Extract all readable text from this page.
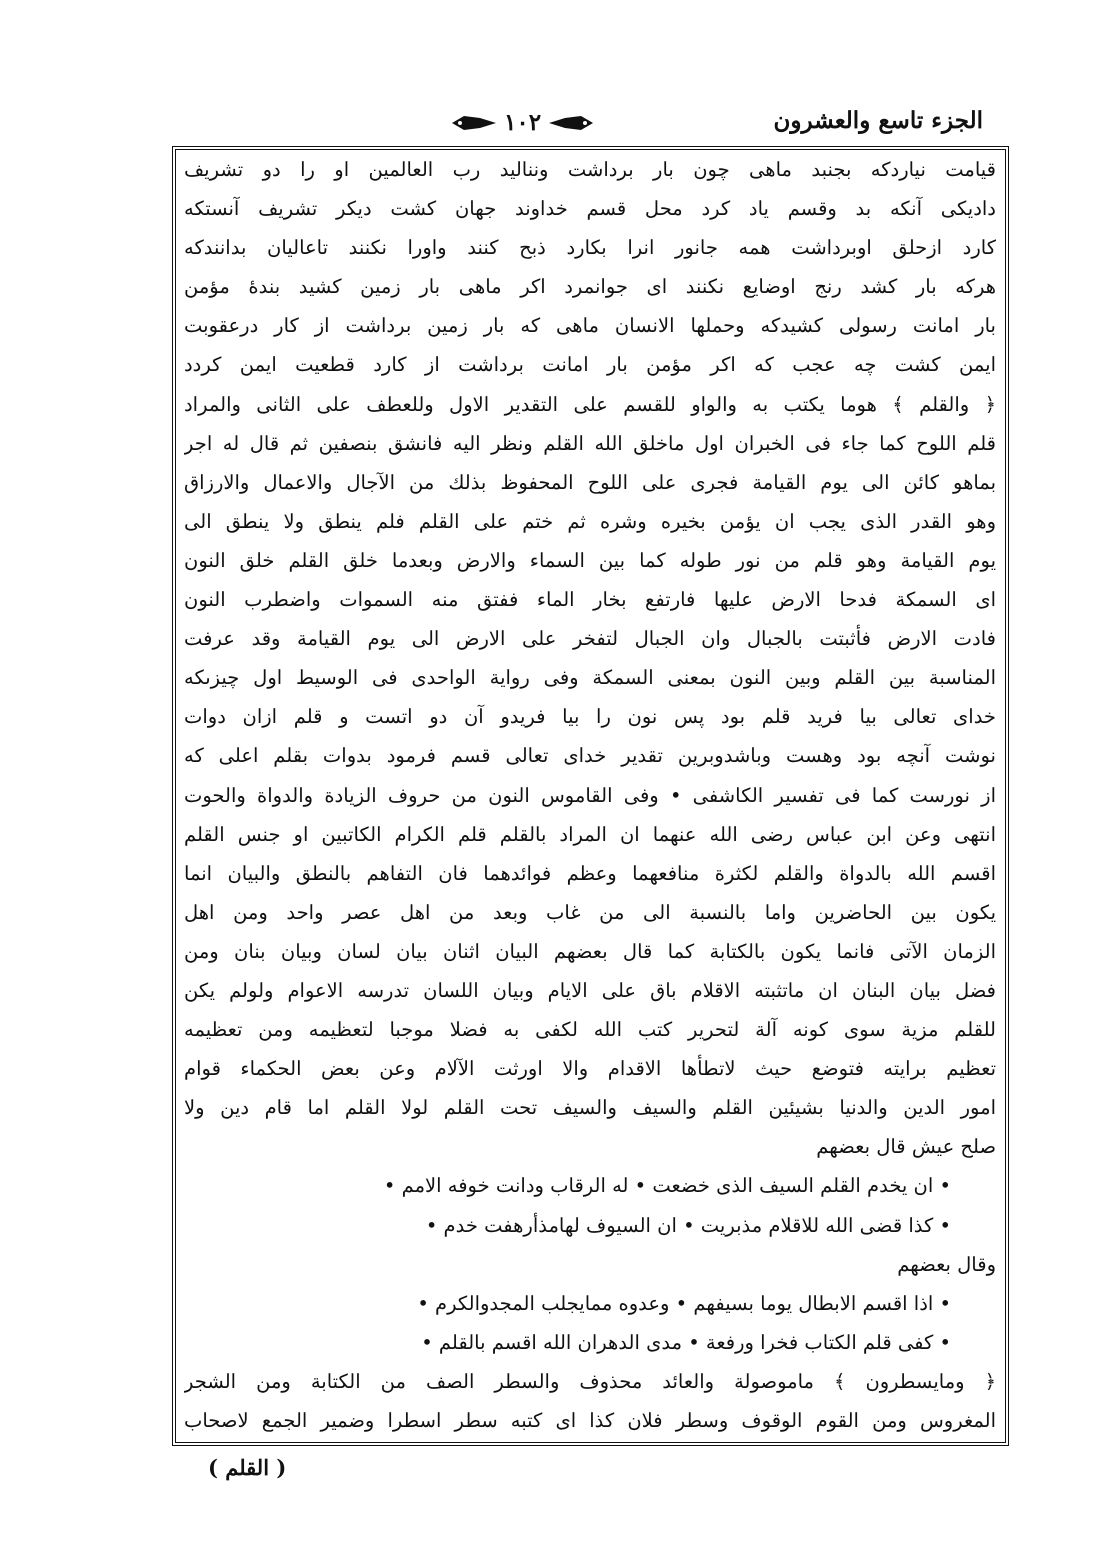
الجزء تاسع والعشرون
١٠٢
قيامت نياردكه بجنبد ماهى چون بار برداشت ونناليد رب العالمين او را دو تشريف
داديكى آنكه بد وقسم ياد كرد محل قسم خداوند جهان كشت ديكر تشريف آنستكه
كارد ازحلق اوبرداشت همه جانور انرا بكارد ذبح كنند واورا نكنند تاعاليان بدانندكه
هركه بار كشد رنج اوضايع نكنند اى جوانمرد اكر ماهى بار زمين كشيد بندهٔ مؤمن
بار امانت رسولى كشيدكه وحملها الانسان ماهى كه بار زمين برداشت از كار درعقوبت
ايمن كشت چه عجب كه اكر مؤمن بار امانت برداشت از كارد قطعيت ايمن كردد
﴿ والقلم ﴾ هوما يكتب به والواو للقسم على التقدير الاول وللعطف على الثانى والمراد
قلم اللوح كما جاء فى الخبران اول ماخلق الله القلم ونظر اليه فانشق بنصفين ثم قال له اجر
بماهو كائن الى يوم القيامة فجرى على اللوح المحفوظ بذلك من الآجال والاعمال والارزاق
وهو القدر الذى يجب ان يؤمن بخيره وشره ثم ختم على القلم فلم ينطق ولا ينطق الى
يوم القيامة وهو قلم من نور طوله كما بين السماء والارض وبعدما خلق القلم خلق النون
اى السمكة فدحا الارض عليها فارتفع بخار الماء ففتق منه السموات واضطرب النون
فادت الارض فأثبتت بالجبال وان الجبال لتفخر على الارض الى يوم القيامة وقد عرفت
المناسبة بين القلم وبين النون بمعنى السمكة وفى رواية الواحدى فى الوسيط اول چيزىكه
خداى تعالى بيا فريد قلم بود پس نون را بيا فريدو آن دو اتست و قلم ازان دوات
نوشت آنچه بود وهست وباشدوبرين تقدير خداى تعالى قسم فرمود بدوات بقلم اعلى كه
از نورست كما فى تفسير الكاشفى • وفى القاموس النون من حروف الزيادة والدواة والحوت
انتهى وعن ابن عباس رضى الله عنهما ان المراد بالقلم قلم الكرام الكاتبين او جنس القلم
اقسم الله بالدواة والقلم لكثرة منافعهما وعظم فوائدهما فان التفاهم بالنطق والبيان انما
يكون بين الحاضرين واما بالنسبة الى من غاب وبعد من اهل عصر واحد ومن اهل
الزمان الآتى فانما يكون بالكتابة كما قال بعضهم البيان اثنان بيان لسان وبيان بنان ومن
فضل بيان البنان ان ماتثبته الاقلام باق على الايام وبيان اللسان تدرسه الاعوام ولولم يكن
للقلم مزية سوى كونه آلة لتحرير كتب الله لكفى به فضلا موجبا لتعظيمه ومن تعظيمه
تعظيم برايته فتوضع حيث لاتطأها الاقدام والا اورثت الآلام وعن بعض الحكماء قوام
امور الدين والدنيا بشيئين القلم والسيف والسيف تحت القلم لولا القلم اما قام دين ولا
صلح عيش قال بعضهم
• ان يخدم القلم السيف الذى خضعت • له الرقاب ودانت خوفه الامم •
• كذا قضى الله للاقلام مذبريت • ان السيوف لهامذأرهفت خدم •
وقال بعضهم
• اذا اقسم الابطال يوما بسيفهم • وعدوه ممايجلب المجدوالكرم •
• كفى قلم الكتاب فخرا ورفعة • مدى الدهران الله اقسم بالقلم •
﴿ ومايسطرون ﴾ ماموصولة والعائد محذوف والسطر الصف من الكتابة ومن الشجر
المغروس ومن القوم الوقوف وسطر فلان كذا اى كتبه سطر اسطرا وضمير الجمع لاصحاب
( القلم )
